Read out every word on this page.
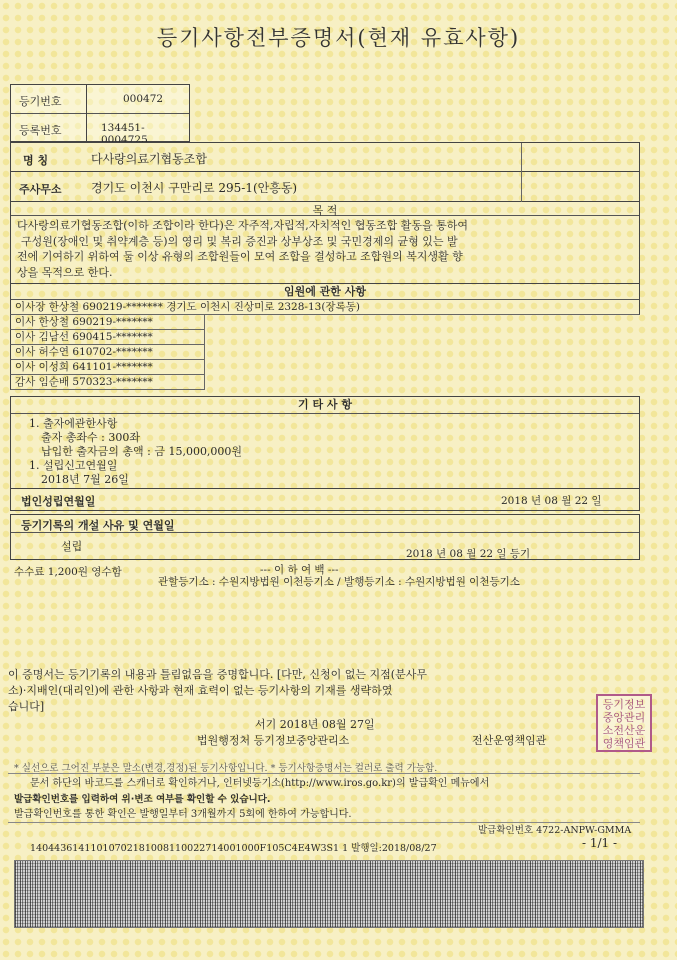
등기사항전부증명서(현재 유효사항)
등기번호	000472
등록번호	134451-0004725
명 칭	다사랑의료기협동조합
주사무소 경기도 이천시 구만리로 295-1(안흥동)
목 적
다사랑의료기협동조합(이하 조합이라 한다)은 자주적,자립적,자치적인 협동조합 활동을 통하여
구성원(장애인 및 취약계층 등)의 영리 및 복리 증진과 상부상조 및 국민경제의 균형 있는 발
전에 기여하기 위하여 둘 이상 유형의 조합원들이 모여 조합을 결성하고 조합원의 복지생활 향
상을 목적으로 한다.
임원에 관한 사항
이사장 한상철 690219-******* 경기도 이천시 진상미로 2328-13(장록동)
이사 한상철 690219-*******
이사 김남선 690415-*******
이사 허수연 610702-*******
이사 이성희 641101-*******
감사 임순배 570323-*******
기 타 사 항
1. 출자에관한사항
출자 총좌수 : 300좌
납입한 출자금의 총액 : 금 15,000,000원
1. 설립신고연월일
2018년 7월 26일
법인성립연월일	2018 년 08 월 22 일
등기기록의 개설 사유 및 연월일
설립
2018 년 08 월 22 일 등기
수수료 1,200원 영수함	--- 이 하 여 백 ---
관할등기소 : 수원지방법원 이천등기소 / 발행등기소 : 수원지방법원 이천등기소
이 증명서는 등기기록의 내용과 틀림없음을 증명합니다. [다만, 신청이 없는 지점(분사무
소)·지배인(대리인)에 관한 사항과 현재 효력이 없는 등기사항의 기재를 생략하였
습니다]
서기 2018년 08월 27일
법원행정처 등기정보중앙관리소	전산운영책임관
등기정보
중앙관리
소전산운
영책임관
* 실선으로 그어진 부분은 말소(변경,경정)된 등기사항입니다. * 등기사항증명서는 컬러로 출력 가능함.
문서 하단의 바코드를 스캐너로 확인하거나, 인터넷등기소(http://www.iros.go.kr)의 발급확인 메뉴에서
발급확인번호를 입력하여 위·변조 여부를 확인할 수 있습니다.
발급확인번호를 통한 확인은 발행일부터 3개월까지 5회에 한하여 가능합니다.
발급확인번호 4722-ANPW-GMMA
14044361411010702181008110022714001000F105C4E4W3S1 1 발행일:2018/08/27	- 1/1 -
